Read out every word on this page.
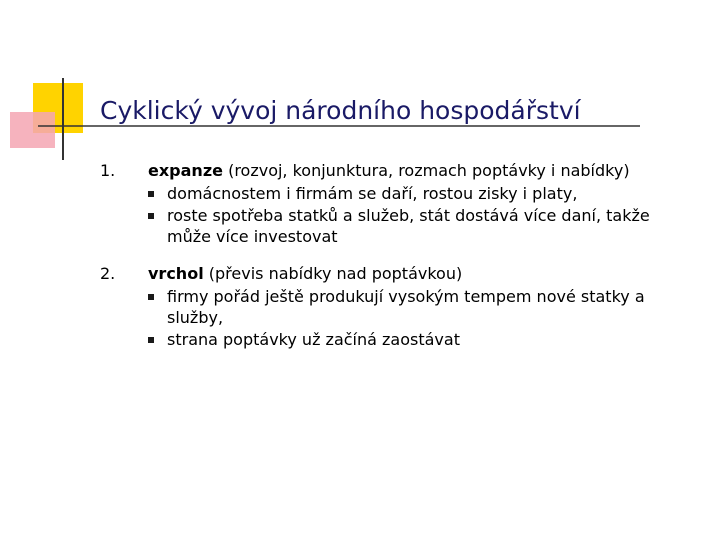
Cyklický vývoj národního hospodářství
1. expanze (rozvoj, konjunktura, rozmach poptávky i nabídky)
domácnostem i firmám se daří, rostou zisky i platy,
roste spotřeba statků a služeb, stát dostává více daní, takže může více investovat
2. vrchol (převis nabídky nad poptávkou)
firmy pořád ještě produkují vysokým tempem nové statky a služby,
strana poptávky už začíná zaostávat
